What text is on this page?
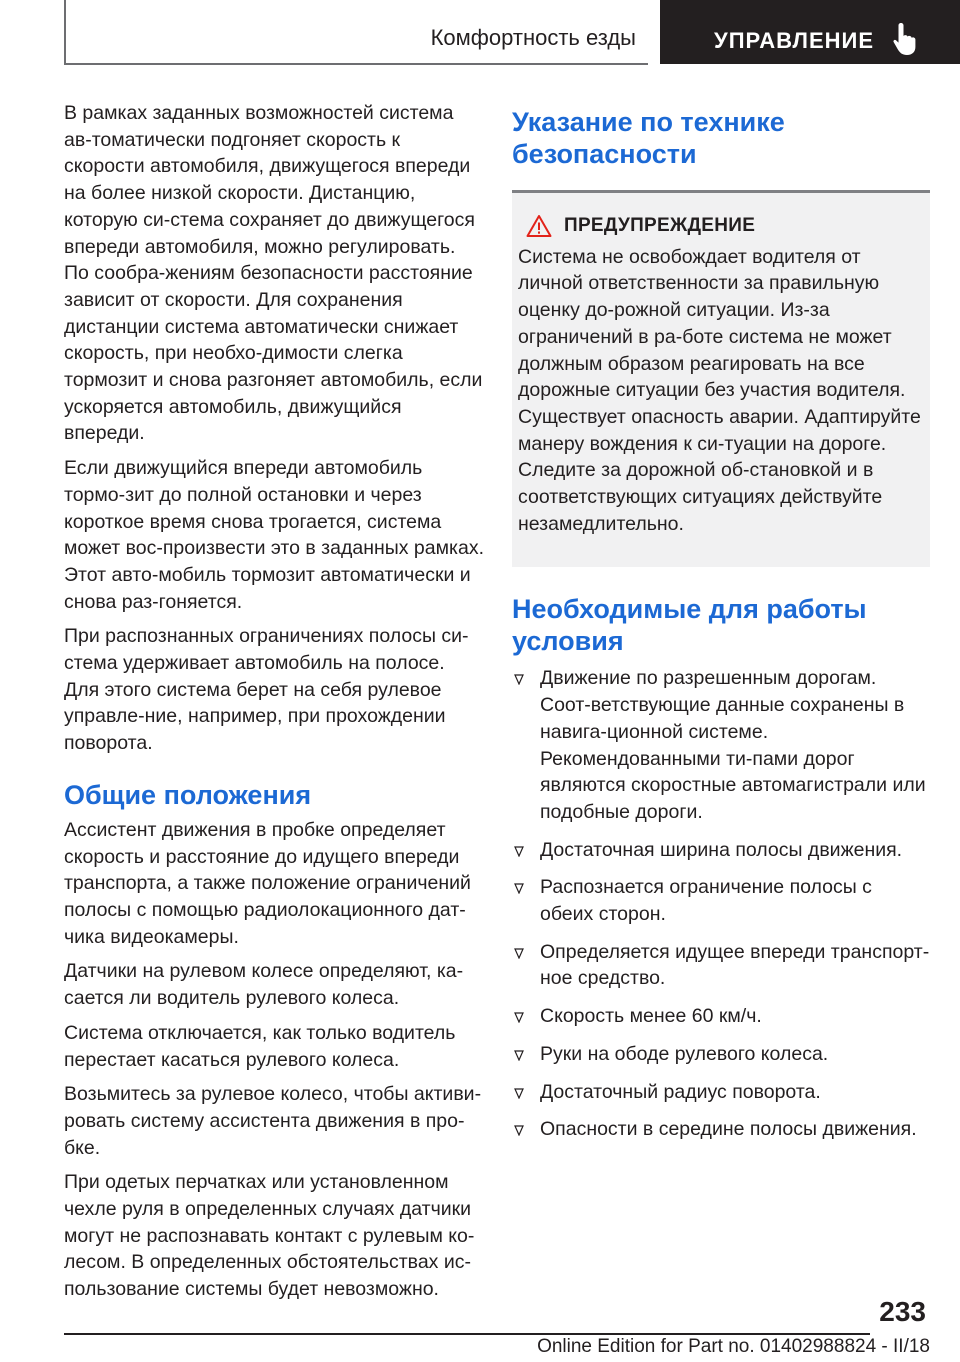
Комфортность езды	УПРАВЛЕНИЕ

В рамках заданных возможностей система ав-томатически подгоняет скорость к скорости автомобиля, движущегося впереди на более низкой скорости. Дистанцию, которую си-стема сохраняет до движущегося впереди автомобиля, можно регулировать. По сообра-жениям безопасности расстояние зависит от скорости. Для сохранения дистанции система автоматически снижает скорость, при необхо-димости слегка тормозит и снова разгоняет автомобиль, если ускоряется автомобиль, движущийся впереди.

Если движущийся впереди автомобиль тормо-зит до полной остановки и через короткое время снова трогается, система может вос-произвести это в заданных рамках. Этот авто-мобиль тормозит автоматически и снова раз-гоняется.

При распознанных ограничениях полосы си-стема удерживает автомобиль на полосе. Для этого система берет на себя рулевое управле-ние, например, при прохождении поворота.

Общие положения

Ассистент движения в пробке определяет скорость и расстояние до идущего впереди транспорта, а также положение ограничений полосы с помощью радиолокационного дат-чика видеокамеры.

Датчики на рулевом колесе определяют, ка-сается ли водитель рулевого колеса.

Система отключается, как только водитель перестает касаться рулевого колеса.

Возьмитесь за рулевое колесо, чтобы активи-ровать систему ассистента движения в про-бке.

При одетых перчатках или установленном чехле руля в определенных случаях датчики могут не распознавать контакт с рулевым ко-лесом. В определенных обстоятельствах ис-пользование системы будет невозможно.

Указание по технике безопасности
ПРЕДУПРЕЖДЕНИЕ

Система не освобождает водителя от личной ответственности за правильную оценку до-рожной ситуации. Из-за ограничений в ра-боте система не может должным образом реагировать на все дорожные ситуации без участия водителя. Существует опасность аварии. Адаптируйте манеру вождения к си-туации на дороге. Следите за дорожной об-становкой и в соответствующих ситуациях действуйте незамедлительно.

Необходимые для работы условия
Движение по разрешенным дорогам. Соот-ветствующие данные сохранены в навига-ционной системе. Рекомендованными ти-пами дорог являются скоростные автомагистрали или подобные дороги.
Достаточная ширина полосы движения.
Распознается ограничение полосы с обеих сторон.
Определяется идущее впереди транспорт-ное средство.
Скорость менее 60 км/ч.
Руки на ободе рулевого колеса.
Достаточный радиус поворота.
Опасности в середине полосы движения.
233
Online Edition for Part no. 01402988824 - II/18
